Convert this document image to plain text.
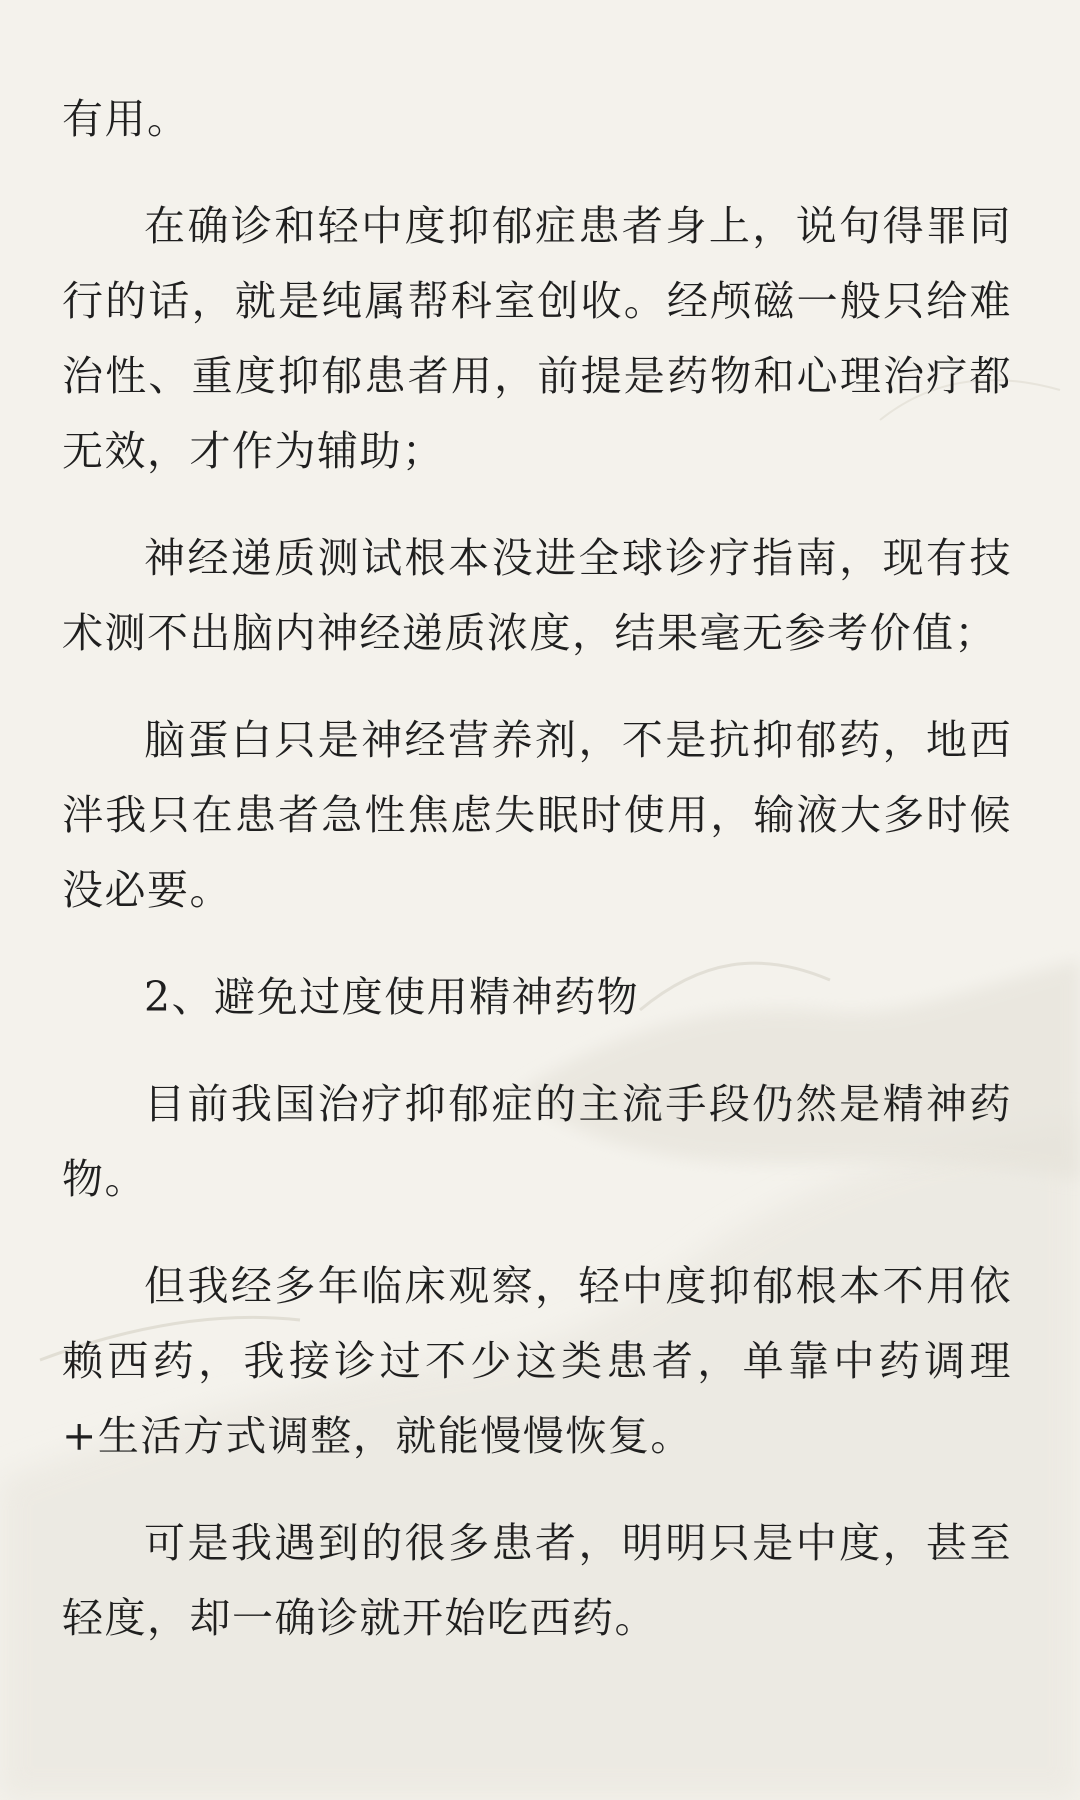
有用。

在确诊和轻中度抑郁症患者身上，说句得罪同行的话，就是纯属帮科室创收。经颅磁一般只给难治性、重度抑郁患者用，前提是药物和心理治疗都无效，才作为辅助；

神经递质测试根本没进全球诊疗指南，现有技术测不出脑内神经递质浓度，结果毫无参考价值；

脑蛋白只是神经营养剂，不是抗抑郁药，地西泮我只在患者急性焦虑失眠时使用，输液大多时候没必要。

2、避免过度使用精神药物

目前我国治疗抑郁症的主流手段仍然是精神药物。

但我经多年临床观察，轻中度抑郁根本不用依赖西药，我接诊过不少这类患者，单靠中药调理+生活方式调整，就能慢慢恢复。

可是我遇到的很多患者，明明只是中度，甚至轻度，却一确诊就开始吃西药。
